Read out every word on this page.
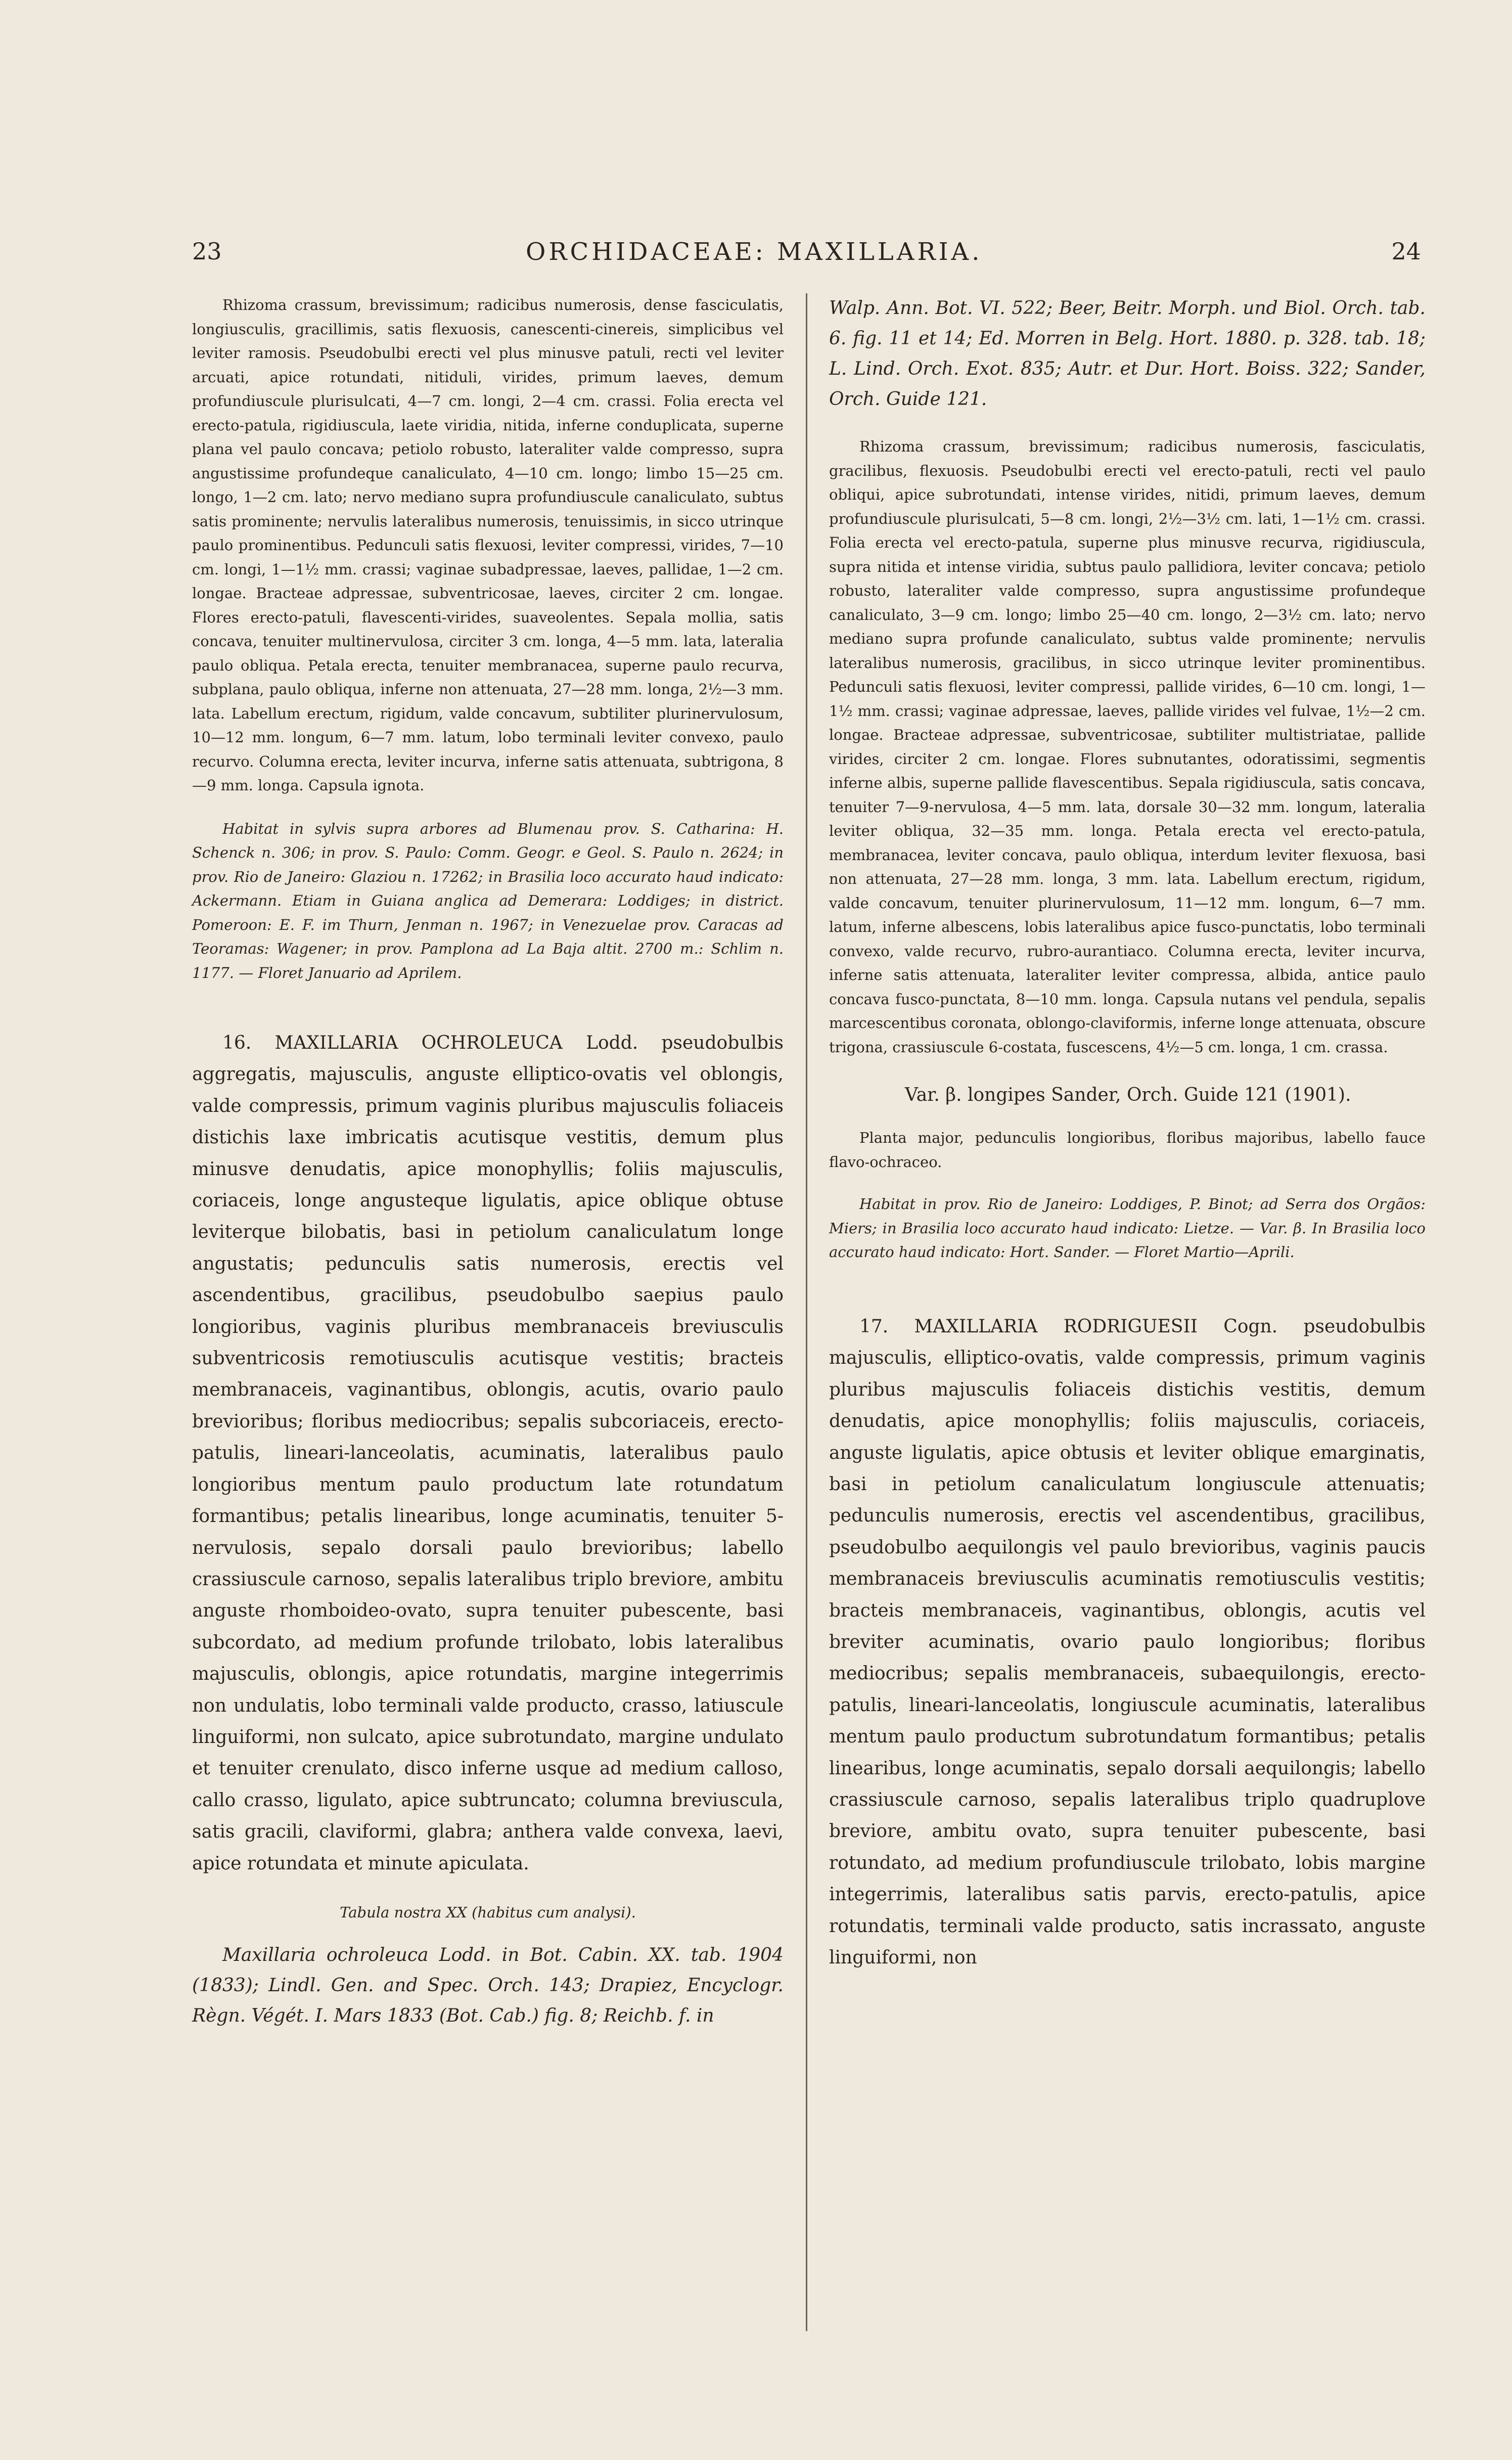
23	ORCHIDACEAE: MAXILLARIA.	24

Rhizoma crassum, brevissimum; radicibus numerosis, dense fasciculatis, longiusculis, gracillimis, satis flexuosis, canescenti-cinereis, simplicibus vel leviter ramosis. Pseudobulbi erecti vel plus minusve patuli, recti vel leviter arcuati, apice rotundati, nitiduli, virides, primum laeves, demum profundiuscule plurisulcati, 4—7 cm. longi, 2—4 cm. crassi. Folia erecta vel erecto-patula, rigidiuscula, laete viridia, nitida, inferne conduplicata, superne plana vel paulo concava; petiolo robusto, lateraliter valde compresso, supra angustissime profundeque canaliculato, 4—10 cm. longo; limbo 15—25 cm. longo, 1—2 cm. lato; nervo mediano supra profundiuscule canaliculato, subtus satis prominente; nervulis lateralibus numerosis, tenuissimis, in sicco utrinque paulo prominentibus. Pedunculi satis flexuosi, leviter compressi, virides, 7—10 cm. longi, 1—1½ mm. crassi; vaginae subadpressae, laeves, pallidae, 1—2 cm. longae. Bracteae adpressae, subventricosae, laeves, circiter 2 cm. longae. Flores erecto-patuli, flavescenti-virides, suaveolentes. Sepala mollia, satis concava, tenuiter multinervulosa, circiter 3 cm. longa, 4—5 mm. lata, lateralia paulo obliqua. Petala erecta, tenuiter membranacea, superne paulo recurva, subplana, paulo obliqua, inferne non attenuata, 27—28 mm. longa, 2½—3 mm. lata. Labellum erectum, rigidum, valde concavum, subtiliter plurinervulosum, 10—12 mm. longum, 6—7 mm. latum, lobo terminali leviter convexo, paulo recurvo. Columna erecta, leviter incurva, inferne satis attenuata, subtrigona, 8—9 mm. longa. Capsula ignota.

Habitat in sylvis supra arbores ad Blumenau prov. S. Catharina: H. Schenck n. 306; in prov. S. Paulo: Comm. Geogr. e Geol. S. Paulo n. 2624; in prov. Rio de Janeiro: Glaziou n. 17262; in Brasilia loco accurato haud indicato: Ackermann. Etiam in Guiana anglica ad Demerara: Loddiges; in district. Pomeroon: E. F. im Thurn, Jenman n. 1967; in Venezuelae prov. Caracas ad Teoramas: Wagener; in prov. Pamplona ad La Baja altit. 2700 m.: Schlim n. 1177. — Floret Januario ad Aprilem.

16. MAXILLARIA OCHROLEUCA Lodd. pseudobulbis aggregatis, majusculis, anguste elliptico-ovatis vel oblongis, valde compressis, primum vaginis pluribus majusculis foliaceis distichis laxe imbricatis acutisque vestitis, demum plus minusve denudatis, apice monophyllis; foliis majusculis, coriaceis, longe angusteque ligulatis, apice oblique obtuse leviterque bilobatis, basi in petiolum canaliculatum longe angustatis; pedunculis satis numerosis, erectis vel ascendentibus, gracilibus, pseudobulbo saepius paulo longioribus, vaginis pluribus membranaceis breviusculis subventricosis remotiusculis acutisque vestitis; bracteis membranaceis, vaginantibus, oblongis, acutis, ovario paulo brevioribus; floribus mediocribus; sepalis subcoriaceis, erecto-patulis, lineari-lanceolatis, acuminatis, lateralibus paulo longioribus mentum paulo productum late rotundatum formantibus; petalis linearibus, longe acuminatis, tenuiter 5-nervulosis, sepalo dorsali paulo brevioribus; labello crassiuscule carnoso, sepalis lateralibus triplo breviore, ambitu anguste rhomboideo-ovato, supra tenuiter pubescente, basi subcordato, ad medium profunde trilobato, lobis lateralibus majusculis, oblongis, apice rotundatis, margine integerrimis non undulatis, lobo terminali valde producto, crasso, latiuscule linguiformi, non sulcato, apice subrotundato, margine undulato et tenuiter crenulato, disco inferne usque ad medium calloso, callo crasso, ligulato, apice subtruncato; columna breviuscula, satis gracili, claviformi, glabra; anthera valde convexa, laevi, apice rotundata et minute apiculata.

Tabula nostra XX (habitus cum analysi).

Maxillaria ochroleuca Lodd. in Bot. Cabin. XX. tab. 1904 (1833); Lindl. Gen. and Spec. Orch. 143; Drapiez, Encyclogr. Règn. Végét. I. Mars 1833 (Bot. Cab.) fig. 8; Reichb. f. in

Walp. Ann. Bot. VI. 522; Beer, Beitr. Morph. und Biol. Orch. tab. 6. fig. 11 et 14; Ed. Morren in Belg. Hort. 1880. p. 328. tab. 18; L. Lind. Orch. Exot. 835; Autr. et Dur. Hort. Boiss. 322; Sander, Orch. Guide 121.

Rhizoma crassum, brevissimum; radicibus numerosis, fasciculatis, gracilibus, flexuosis. Pseudobulbi erecti vel erecto-patuli, recti vel paulo obliqui, apice subrotundati, intense virides, nitidi, primum laeves, demum profundiuscule plurisulcati, 5—8 cm. longi, 2½—3½ cm. lati, 1—1½ cm. crassi. Folia erecta vel erecto-patula, superne plus minusve recurva, rigidiuscula, supra nitida et intense viridia, subtus paulo pallidiora, leviter concava; petiolo robusto, lateraliter valde compresso, supra angustissime profundeque canaliculato, 3—9 cm. longo; limbo 25—40 cm. longo, 2—3½ cm. lato; nervo mediano supra profunde canaliculato, subtus valde prominente; nervulis lateralibus numerosis, gracilibus, in sicco utrinque leviter prominentibus. Pedunculi satis flexuosi, leviter compressi, pallide virides, 6—10 cm. longi, 1—1½ mm. crassi; vaginae adpressae, laeves, pallide virides vel fulvae, 1½—2 cm. longae. Bracteae adpressae, subventricosae, subtiliter multistriatae, pallide virides, circiter 2 cm. longae. Flores subnutantes, odoratissimi, segmentis inferne albis, superne pallide flavescentibus. Sepala rigidiuscula, satis concava, tenuiter 7—9-nervulosa, 4—5 mm. lata, dorsale 30—32 mm. longum, lateralia leviter obliqua, 32—35 mm. longa. Petala erecta vel erecto-patula, membranacea, leviter concava, paulo obliqua, interdum leviter flexuosa, basi non attenuata, 27—28 mm. longa, 3 mm. lata. Labellum erectum, rigidum, valde concavum, tenuiter plurinervulosum, 11—12 mm. longum, 6—7 mm. latum, inferne albescens, lobis lateralibus apice fusco-punctatis, lobo terminali convexo, valde recurvo, rubro-aurantiaco. Columna erecta, leviter incurva, inferne satis attenuata, lateraliter leviter compressa, albida, antice paulo concava fusco-punctata, 8—10 mm. longa. Capsula nutans vel pendula, sepalis marcescentibus coronata, oblongo-claviformis, inferne longe attenuata, obscure trigona, crassiuscule 6-costata, fuscescens, 4½—5 cm. longa, 1 cm. crassa.

Var. β. longipes Sander, Orch. Guide 121 (1901).

Planta major, pedunculis longioribus, floribus majoribus, labello fauce flavo-ochraceo.

Habitat in prov. Rio de Janeiro: Loddiges, P. Binot; ad Serra dos Orgãos: Miers; in Brasilia loco accurato haud indicato: Lietze. — Var. β. In Brasilia loco accurato haud indicato: Hort. Sander. — Floret Martio—Aprili.

17. MAXILLARIA RODRIGUESII Cogn. pseudobulbis majusculis, elliptico-ovatis, valde compressis, primum vaginis pluribus majusculis foliaceis distichis vestitis, demum denudatis, apice monophyllis; foliis majusculis, coriaceis, anguste ligulatis, apice obtusis et leviter oblique emarginatis, basi in petiolum canaliculatum longiuscule attenuatis; pedunculis numerosis, erectis vel ascendentibus, gracilibus, pseudobulbo aequilongis vel paulo brevioribus, vaginis paucis membranaceis breviusculis acuminatis remotiusculis vestitis; bracteis membranaceis, vaginantibus, oblongis, acutis vel breviter acuminatis, ovario paulo longioribus; floribus mediocribus; sepalis membranaceis, subaequilongis, erecto-patulis, lineari-lanceolatis, longiuscule acuminatis, lateralibus mentum paulo productum subrotundatum formantibus; petalis linearibus, longe acuminatis, sepalo dorsali aequilongis; labello crassiuscule carnoso, sepalis lateralibus triplo quadruplove breviore, ambitu ovato, supra tenuiter pubescente, basi rotundato, ad medium profundiuscule trilobato, lobis margine integerrimis, lateralibus satis parvis, erecto-patulis, apice rotundatis, terminali valde producto, satis incrassato, anguste linguiformi, non
